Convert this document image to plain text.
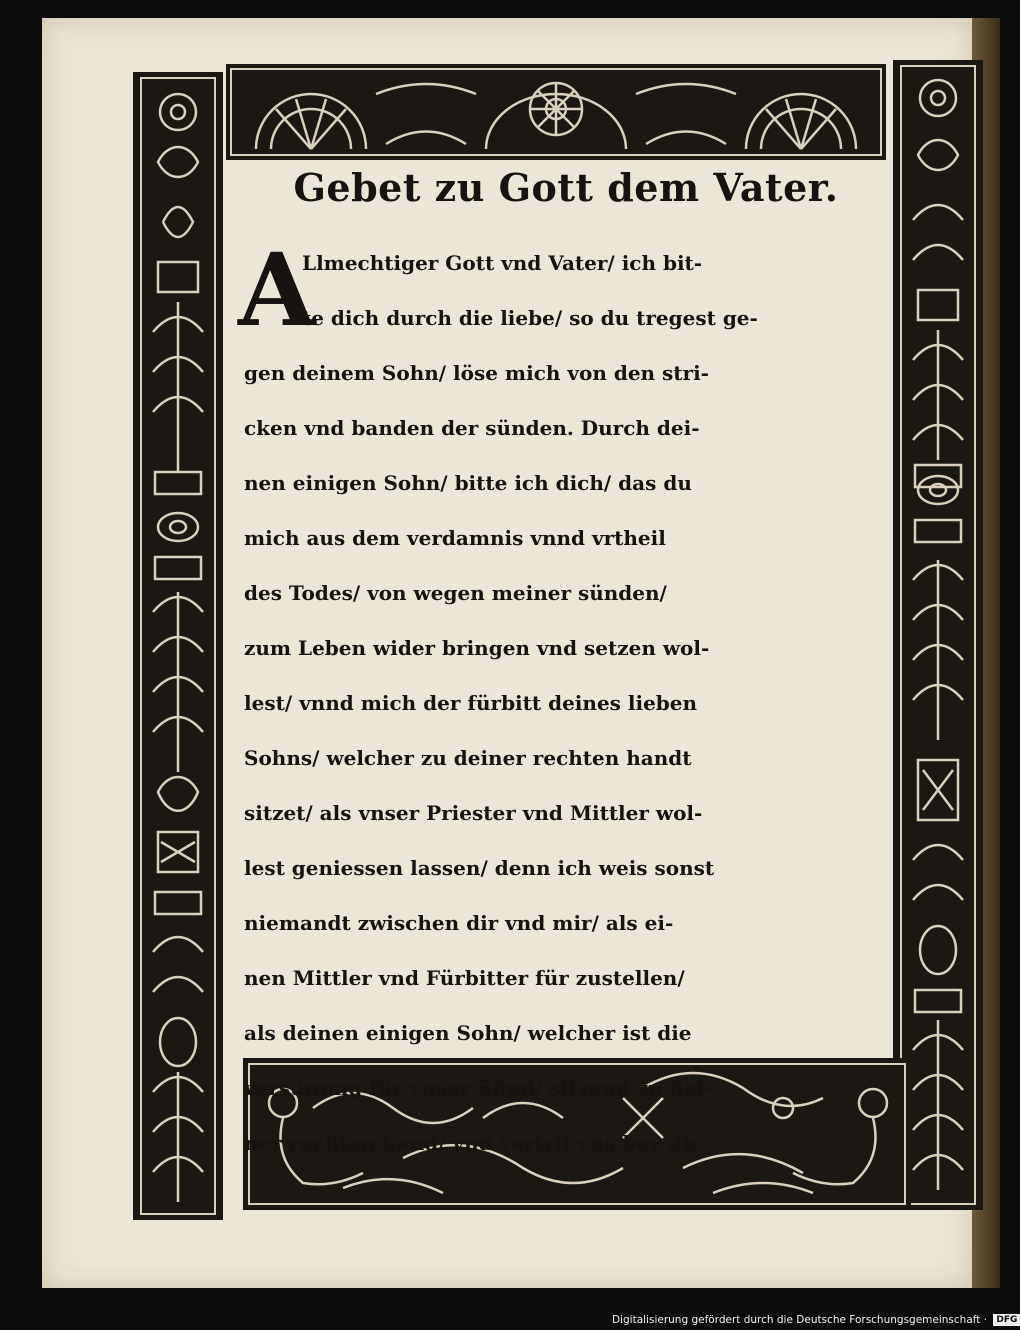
Gebet zu Gott dem Vater.
A
Llmechtiger Gott vnd Vater/ ich bit-
te dich durch die liebe/ so du tregest ge-
gen deinem Sohn/ löse mich von den stri-
cken vnd banden der sünden. Durch dei-
nen einigen Sohn/ bitte ich dich/ das du
mich aus dem verdamnis vnnd vrtheil
des Todes/ von wegen meiner sünden/
zum Leben wider bringen vnd setzen wol-
lest/ vnnd mich der fürbitt deines lieben
Sohns/ welcher zu deiner rechten handt
sitzet/ als vnser Priester vnd Mittler wol-
lest geniessen lassen/ denn ich weis sonst
niemandt zwischen dir vnd mir/ als ei-
nen Mittler vnd Fürbitter für zustellen/
als deinen einigen Sohn/ welcher ist die
versünung für vnser Sünd/ sitzend zu dei-
ner rechten hand/ vnd vertrit vns bey dir.
Digitalisierung gefördert durch die Deutsche Forschungsgemeinschaft · DFG
